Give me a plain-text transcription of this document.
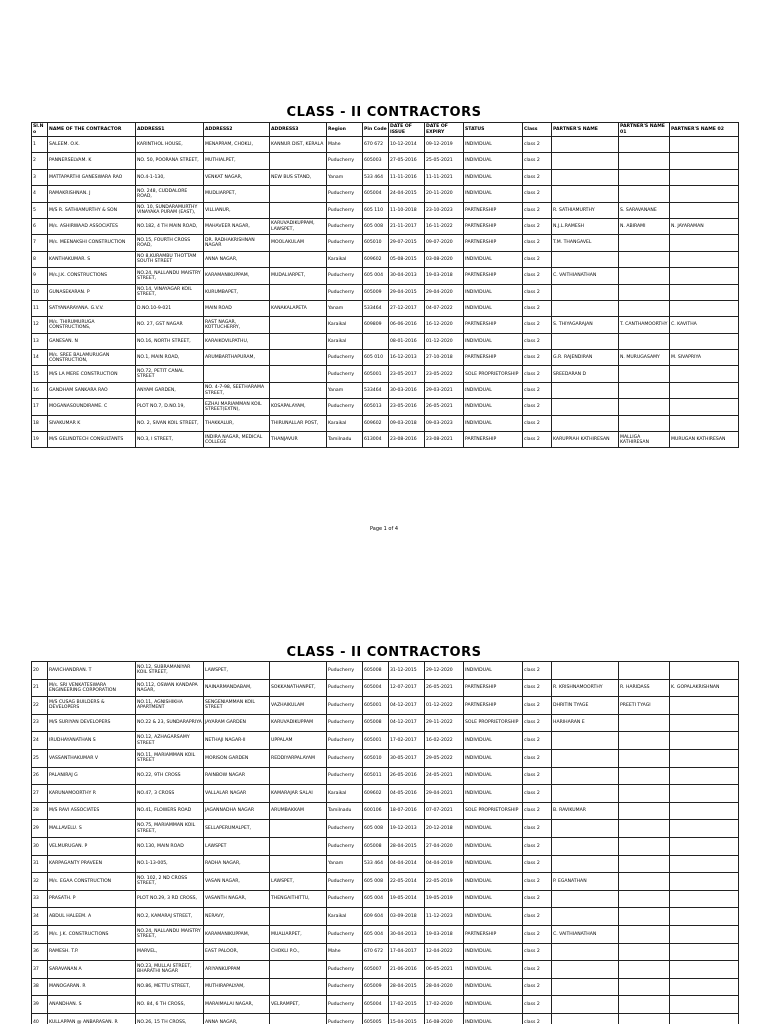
CLASS - II CONTRACTORS
Sl.No	NAME OF THE CONTRACTOR	ADDRESS1	ADDRESS2	ADDRESS3	Region	Pin Code	DATE OF ISSUE	DATE OF EXPIRY	STATUS	Class	PARTNER'S NAME	PARTNER'S NAME 01	PARTNER'S NAME 02
1	SALEEM. O.K.	KARINTHOL HOUSE,	MENAPRAM, CHOKLI,	KANNUR DIST, KERALA	Mahe	670 672	10-12-2014	09-12-2019	INDIVIDUAL	class 2			
2	PANNERSELVAM. K	NO. 50, POORANA STREET,	MUTHIALPET,		Puducherry	605003	27-05-2016	25-05-2021	INDIVIDUAL	class 2			
3	MATTAPARTHI GANESWARA RAO	NO.4-1-130,	VENKAT NAGAR,	NEW BUS STAND,	Yanam	533 464	11-11-2016	11-11-2021	INDIVIDUAL	class 2			
4	RAMAKRISHNAN. J	NO. 248, CUDDALORE ROAD,	MUDLIARPET,		Puducherry	605004	24-04-2015	20-11-2020	INDIVIDUAL	class 2			
5	M/S R. SATHIAMURTHY & SON	NO. 10, SUNDARAMURTHY VINAYAKA PURAM (EAST),	VILLIANUR,		Puducherry	605 110	11-10-2018	23-10-2023	PARTNERSHIP	class 2	R. SATHIAMURTHY	S. SARAVANANE	
6	M/s. ASHIRWAAD ASSOCIATES	NO.182, 4 TH MAIN ROAD,	MAHAVEER NAGAR,	KARUVADIKUPPAM, LAWSPET,	Puducherry	605 008	21-11-2017	16-11-2022	PARTNERSHIP	class 2	N.J.L.RAMESH	N. ABIRAMI	N. JAYARAMAN
7	M/s. MEENAKSHI CONSTRUCTION	NO.15, FOURTH CROSS ROAD,	DR. RADHAKRISHNAN NAGAR	MOOLAKULAM	Puducherry	605010	29-07-2015	09-07-2020	PARTNERSHIP	class 2	T.M. THANGAVEL		
8	KANTHAKUMAR. S	NO 8,KURAMBU THOTTAM SOUTH STREET	ANNA NAGAR,		Karaikal	609602	05-08-2015	03-08-2020	INDIVIDUAL	class 2			
9	M/s.J.K. CONSTRUCTIONS	NO.24, NALLANDU MAISTRY STREET,	KARAMANIKUPPAM,	MUDALIARPET,	Puducherry	605 004	30-04-2013	19-03-2018	PARTNERSHIP	class 2	C. VAITHIANATHAN		
10	GUNASEKARAN. P	NO.14, VINAYAGAR KOIL STREET,	KURUMBAPET,		Puducherry	605009	29-04-2015	29-04-2020	INDIVIDUAL	class 2			
11	SATYANARAYANA. G.V.V.	D.NO.10-9-021	MAIN ROAD	KANAKALAPETA	Yanam	533464	27-12-2017	04-07-2022	INDIVIDUAL	class 2			
12	M/s. THIRUMURUGA CONSTRUCTIONS,	NO. 27, GST NAGAR	RAST NAGAR, KOTTUCHERRY,		Karaikal	609809	06-06-2016	16-12-2020	PARTNERSHIP	class 2	S. THIYAGARAJAN	T. CANTHAMOORTHY	C. KAVITHA
13	GANESAN. N	NO.16, NORTH STREET,	KARAIKOVILPATHU,		Karaikal		08-01-2016	01-12-2020	INDIVIDUAL	class 2			
14	M/s. SREE BALAMURUGAN CONSTRUCTION,	NO.1, MAIN ROAD,	ARUMBARTHAPURAM,		Puducherry	605 010	16-12-2013	27-10-2018	PARTNERSHIP	class 2	G.R. RAJENDIRAN	N. MURUGASAMY	M. SIVAPRIYA
15	M/S LA MERE CONSTRUCTION	NO.72, PETIT CANAL STREET			Puducherry	605001	23-05-2017	23-05-2022	SOLE PROPRIETORSHIP	class 2	SREEDARAN D		
16	GANDHAM SANKARA RAO	ANYAM GARDEN,	NO. 4-7-98, SEETHARAMA STREET,		Yanam	533464	30-03-2016	29-03-2021	INDIVIDUAL	class 2			
17	MOGANASOUNDIRAME. C	PLOT NO.7, D.NO.19,	EZHAI MARIAMMAN KOIL STREET(EXTN),	KOSAPALAYAM,	Puducherry	605013	23-05-2016	26-05-2021	INDIVIDUAL	class 2			
18	SIVAKUMAR K	NO. 2, SIVAN KOIL STREET,	THAKKALUR,	THIRUNALLAR POST,	Karaikal	609602	09-03-2018	09-03-2023	INDIVIDUAL	class 2			
19	M/S GELINDTECH CONSULTANTS	NO.3, I STREET,	INDIRA NAGAR, MEDICAL COLLEGE	THANJAVUR	Tamilnadu	613004	23-08-2016	23-08-2021	PARTNERSHIP	class 2	KARUPPIAH KATHIRESAN	MALLIGA KATHIRESAN	MURUGAN KATHIRESAN
Page 1 of 4
CLASS - II CONTRACTORS
20	RAVICHANDRAN. T	NO.12, SUBRAMANIYAR KOIL STREET,	LAWSPET,		Puducherry	605008	31-12-2015	29-12-2020	INDIVIDUAL	class 2			
21	M/s. SRI VENKATESWARA ENGINEERING CORPORATION	NO.112, OSWAN KANDAPA NAGAR,	NAINARMANDABAM,	SOKKANATHANPET,	Puducherry	605004	12-07-2017	26-05-2021	PARTNERSHIP	class 2	R. KRISHNAMOORTHY	R. HARIDASS	K. GOPALAKRISHNAN
22	M/S CUSAG BUILDERS & DEVELOPERS	NO.11, AGNISHIKHA APARTMENT	SENGENIAMMAN KOIL STREET	VAZHAIKULAM	Puducherry	605001	04-12-2017	01-12-2022	PARTNERSHIP	class 2	DHRITIN TYAGE	PREETI TYAGI	
23	M/S SURIYAN DEVELOPERS	NO.22 & 23, SUNDARAPRIYA	JAYARAM GARDEN	KARUVADIKUPPAM	Puducherry	605008	04-12-2017	29-11-2022	SOLE PROPRIETORSHIP	class 2	HARIHARAN E		
24	IRUDHAYANATHAN S	NO.12, AZHAGARSAMY STREET	NETHAJI NAGAR-II	UPPALAM	Puducherry	605001	17-02-2017	16-02-2022	INDIVIDUAL	class 2			
25	VASSANTHAKUMAR V	NO.11, MARIAMMAN KOIL STREET	MORISON GARDEN	REDDIYARPALAYAM	Puducherry	605010	30-05-2017	29-05-2022	INDIVIDUAL	class 2			
26	PALANIRAJ G	NO.22, 9TH CROSS	RAINBOW NAGAR		Puducherry	605011	26-05-2016	24-05-2021	INDIVIDUAL	class 2			
27	KARUNAMOORTHY R	NO.47, 3 CROSS	VALLALAR NAGAR	KAMARAJAR SALAI	Karaikal	609602	04-05-2016	29-04-2021	INDIVIDUAL	class 2			
28	M/S RAVI ASSOCIATES	NO.41, FLOWERS ROAD	JAGANNADHA NAGAR	ARUMBAKKAM	Tamilnadu	600106	18-07-2016	07-07-2021	SOLE PROPRIETORSHIP	class 2	B. RAVIKUMAR		
29	MALLAVELU. S	NO.75, MARIAMMAN KOIL STREET,	SELLAPERUMALPET,		Puducherry	605 008	19-12-2013	20-12-2018	INDIVIDUAL	class 2			
30	VELMURUGAN. P	NO.130, MAIN ROAD	LAWSPET		Puducherry	605008	28-04-2015	27-04-2020	INDIVIDUAL	class 2			
31	KARPAGANTY PRAVEEN	NO.1-13-005,	RADHA NAGAR,		Yanam	533 464	04-04-2014	04-04-2019	INDIVIDUAL	class 2			
32	M/s. EGAA CONSTRUCTION	NO. 102, 2 ND CROSS STREET,	VASAN NAGAR,	LAWSPET,	Puducherry	605 008	22-05-2014	22-05-2019	INDIVIDUAL	class 2	P. EGANATHAN		
33	PRASATH. P	PLOT NO.29, 3 RD CROSS,	VASANTH NAGAR,	THENGAITHITTU,	Puducherry	605 004	19-05-2014	19-05-2019	INDIVIDUAL	class 2			
34	ABDUL HALEEM. A	NO.2, KAMARAJ STREET,	NERAVY,		Karaikal	609 604	03-09-2018	11-12-2023	INDIVIDUAL	class 2			
35	M/s. J.K. CONSTRUCTIONS	NO.24, NALLANDU MAISTRY STREET,	KARAMANIKUPPAM,	MUALIARPET,	Puducherry	605 004	30-04-2013	19-03-2018	PARTNERSHIP	class 2	C. VAITHIANATHAN		
36	RAMESH. T.P.	MARVEL,	EAST PALOOR,	CHOKLI P.O.,	Mahe	670 672	17-04-2017	12-04-2022	INDIVIDUAL	class 2			
37	SARAVANAN A	NO.23, MULLAI STREET, BHARATHI NAGAR	ARIYANKUPPAM		Puducherry	605007	21-06-2016	06-05-2021	INDIVIDUAL	class 2			
38	MANOGARAN. R	NO.86, METTU STREET,	MUTHIRAPALYAM,		Puducherry	605009	28-04-2015	28-04-2020	INDIVIDUAL	class 2			
39	ANANDHAN. S	NO. 84, 6 TH CROSS,	MARAIMALAI NAGAR,	VELRAMPET,	Puducherry	605004	17-02-2015	17-02-2020	INDIVIDUAL	class 2			
40	KULLAPPAN @ ANBARASAN. R	NO.26, 15 TH CROSS,	ANNA NAGAR,		Puducherry	605005	15-04-2015	16-08-2020	INDIVIDUAL	class 2			
